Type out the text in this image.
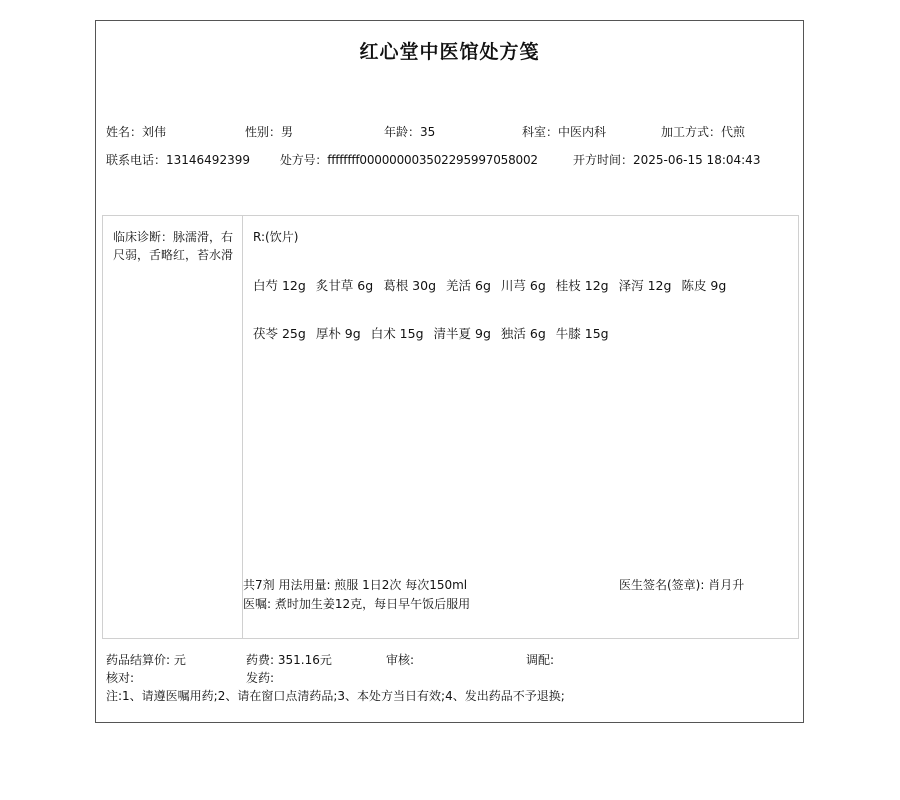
红心堂中医馆处方笺
姓名：刘伟	性别：男	年龄：35	科室：中医内科	加工方式：代煎
联系电话：13146492399	处方号：ffffffff000000003502295997058002	开方时间：2025-06-15 18:04:43
临床诊断：脉濡滑，右尺弱，舌略红，苔水滑
R:(饮片)
白芍 12g 炙甘草 6g 葛根 30g 羌活 6g 川芎 6g 桂枝 12g 泽泻 12g 陈皮 9g
茯苓 25g 厚朴 9g 白术 15g 清半夏 9g 独活 6g 牛膝 15g
共7剂 用法用量: 煎服 1日2次 每次150ml	医生签名(签章): 肖月升
医嘱: 煮时加生姜12克，每日早午饭后服用
药品结算价: 元	药费: 351.16元	审核:	调配:
核对:	发药:
注:1、请遵医嘱用药;2、请在窗口点清药品;3、本处方当日有效;4、发出药品不予退换;
